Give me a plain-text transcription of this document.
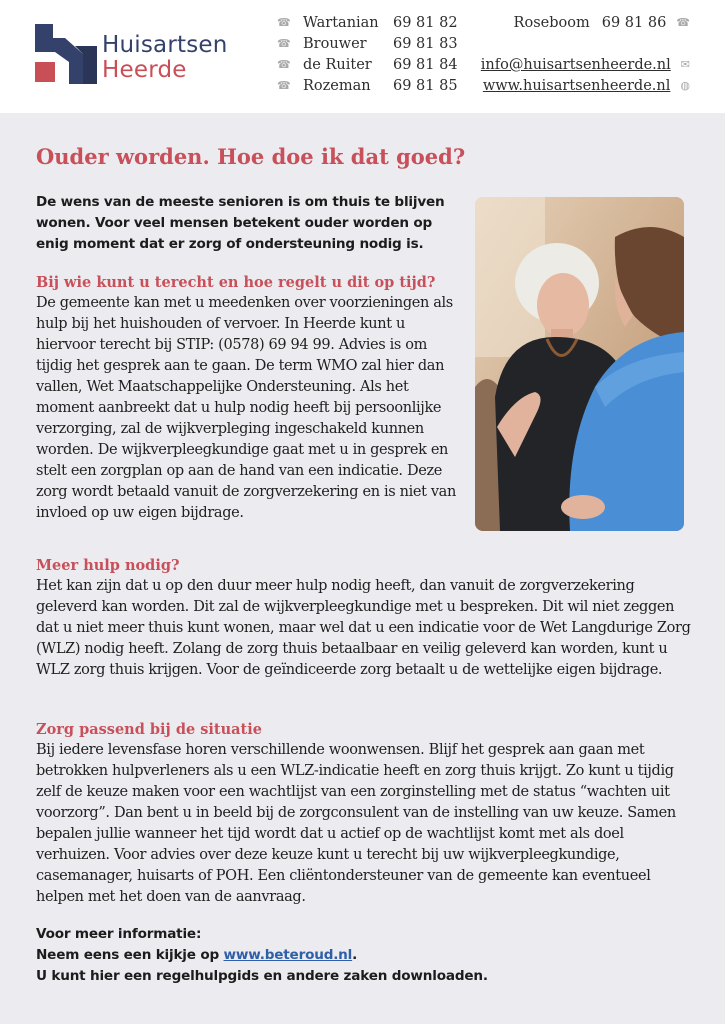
Huisartsen
Heerde
☎ Wartanian 69 81 82
☎ Brouwer	69 81 83
☎ de Ruiter	69 81 84
☎ Rozeman	69 81 85
Roseboom 69 81 86 ☎
info@huisartsenheerde.nl ✉
www.huisartsenheerde.nl ◍
Ouder worden. Hoe doe ik dat goed?

De wens van de meeste senioren is om thuis te blijven wonen. Voor veel mensen betekent ouder worden op enig moment dat er zorg of ondersteuning nodig is.

Bij wie kunt u terecht en hoe regelt u dit op tijd?

De gemeente kan met u meedenken over voorzieningen als hulp bij het huishouden of vervoer. In Heerde kunt u hiervoor terecht bij STIP: (0578) 69 94 99. Advies is om tijdig het gesprek aan te gaan. De term WMO zal hier dan vallen, Wet Maatschappelijke Ondersteuning. Als het moment aanbreekt dat u hulp nodig heeft bij persoonlijke verzorging, zal de wijkverpleging ingeschakeld kunnen worden. De wijkverpleegkundige gaat met u in gesprek en stelt een zorgplan op aan de hand van een indicatie. Deze zorg wordt betaald vanuit de zorgverzekering en is niet van invloed op uw eigen bijdrage.

Meer hulp nodig?

Het kan zijn dat u op den duur meer hulp nodig heeft, dan vanuit de zorgverzekering geleverd kan worden. Dit zal de wijkverpleegkundige met u bespreken. Dit wil niet zeggen dat u niet meer thuis kunt wonen, maar wel dat u een indicatie voor de Wet Langdurige Zorg (WLZ) nodig heeft. Zolang de zorg thuis betaalbaar en veilig geleverd kan worden, kunt u WLZ zorg thuis krijgen. Voor de geïndiceerde zorg betaalt u de wettelijke eigen bijdrage.

Zorg passend bij de situatie

Bij iedere levensfase horen verschillende woonwensen. Blijf het gesprek aan gaan met betrokken hulpverleners als u een WLZ-indicatie heeft en zorg thuis krijgt. Zo kunt u tijdig zelf de keuze maken voor een wachtlijst van een zorginstelling met de status “wachten uit voorzorg”. Dan bent u in beeld bij de zorgconsulent van de instelling van uw keuze. Samen bepalen jullie wanneer het tijd wordt dat u actief op de wachtlijst komt met als doel verhuizen. Voor advies over deze keuze kunt u terecht bij uw wijkverpleegkundige, casemanager, huisarts of POH. Een cliëntondersteuner van de gemeente kan eventueel helpen met het doen van de aanvraag.

Voor meer informatie:
Neem eens een kijkje op www.beteroud.nl.
U kunt hier een regelhulpgids en andere zaken downloaden.
